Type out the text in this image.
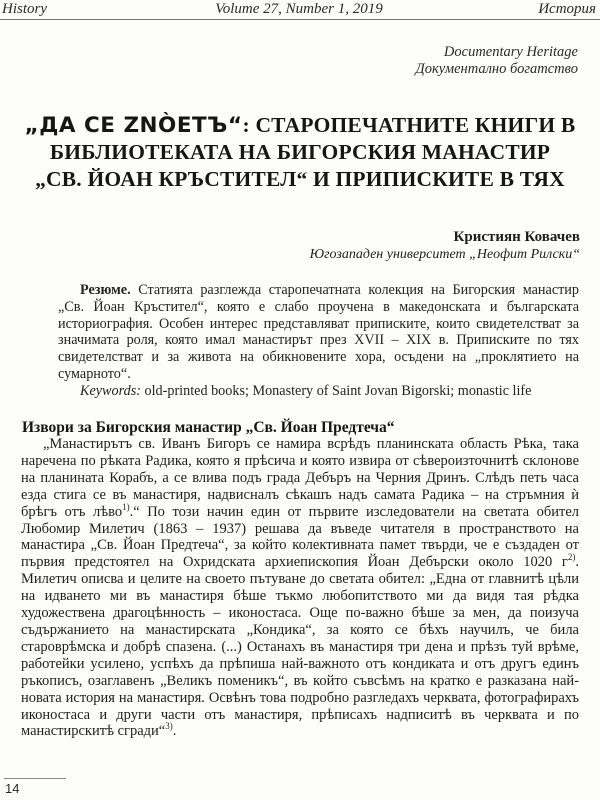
History	Volume 27, Number 1, 2019	История
Documentary Heritage
Документално богатство
„ДА СЕ ZNÒЕТЪ“: СТАРОПЕЧАТНИТЕ КНИГИ В
БИБЛИОТЕКАТА НА БИГОРСКИЯ МАНАСТИР
„СВ. ЙОАН КРЪСТИТЕЛ“ И ПРИПИСКИТЕ В ТЯХ
Кристиян Ковачев
Югозападен университет „Неофит Рилски“

Резюме. Статията разглежда старопечатната колекция на Бигорския манастир „Св. Йоан Кръстител“, която е слабо проучена в македонската и българската историография. Особен интерес представляват приписките, които свидетелстват за значимата роля, която имал манастирът през XVII – XIX в. Приписките по тях свидетелстват и за живота на обикновените хора, осъдени на „проклятието на сумарното“.

Keywords: old-printed books; Monastery of Saint Jovan Bigorski; monastic life

Извори за Бигорския манастир „Св. Йоан Предтеча“

„Манастирътъ св. Иванъ Бигоръ се намира всрѣдъ планинската область Рѣка, така наречена по рѣката Радика, която я прѣсича и която извира от сѣвероизточнитѣ склонове на планината Корабъ, а се влива подъ града Дебъръ на Черния Дринъ. Слѣдъ петь часа езда стига се въ манастиря, надвисналъ сѣкашъ надъ самата Радика – на стръмния ѝ брѣгъ отъ лѣво$^{1)}$.“ По този начин един от първите изследователи на светата обител Любомир Милетич (1863 – 1937) решава да въведе читателя в пространството на манастира „Св. Йоан Предтеча“, за който колективната памет твърди, че е създаден от първия предстоятел на Охридската архиепископия Йоан Дебърски около 1020 $г^{2)}$. Милетич описва и целите на своето пътуване до светата обител: „Една от главнитѣ цѣли на идването ми въ манастиря бѣше тъкмо любопитството ми да видя тая рѣдка художествена драгоцѣнность – иконостаса. Още по-важно бѣше за мен, да поизуча съдържанието на манастирската „Кондика“, за която се бѣхъ научилъ, че била староврѣмска и добрѣ спазена. (...) Останахъ въ манастиря три дена и прѣзъ туй врѣме, работейки усилено, успѣхъ да прѣпиша най-важното отъ кондиката и отъ другъ единъ ръкописъ, озаглавенъ „Великъ поменикъ“, въ който съвсѣмъ на кратко е разказана най-новата история на манастиря. Освѣнъ това подробно разгледахъ черквата, фотографирахъ иконостаса и други части отъ манастиря, прѣписахъ надписитѣ въ черквата и по манастирскитѣ сгради“$^{3)}$.

14
